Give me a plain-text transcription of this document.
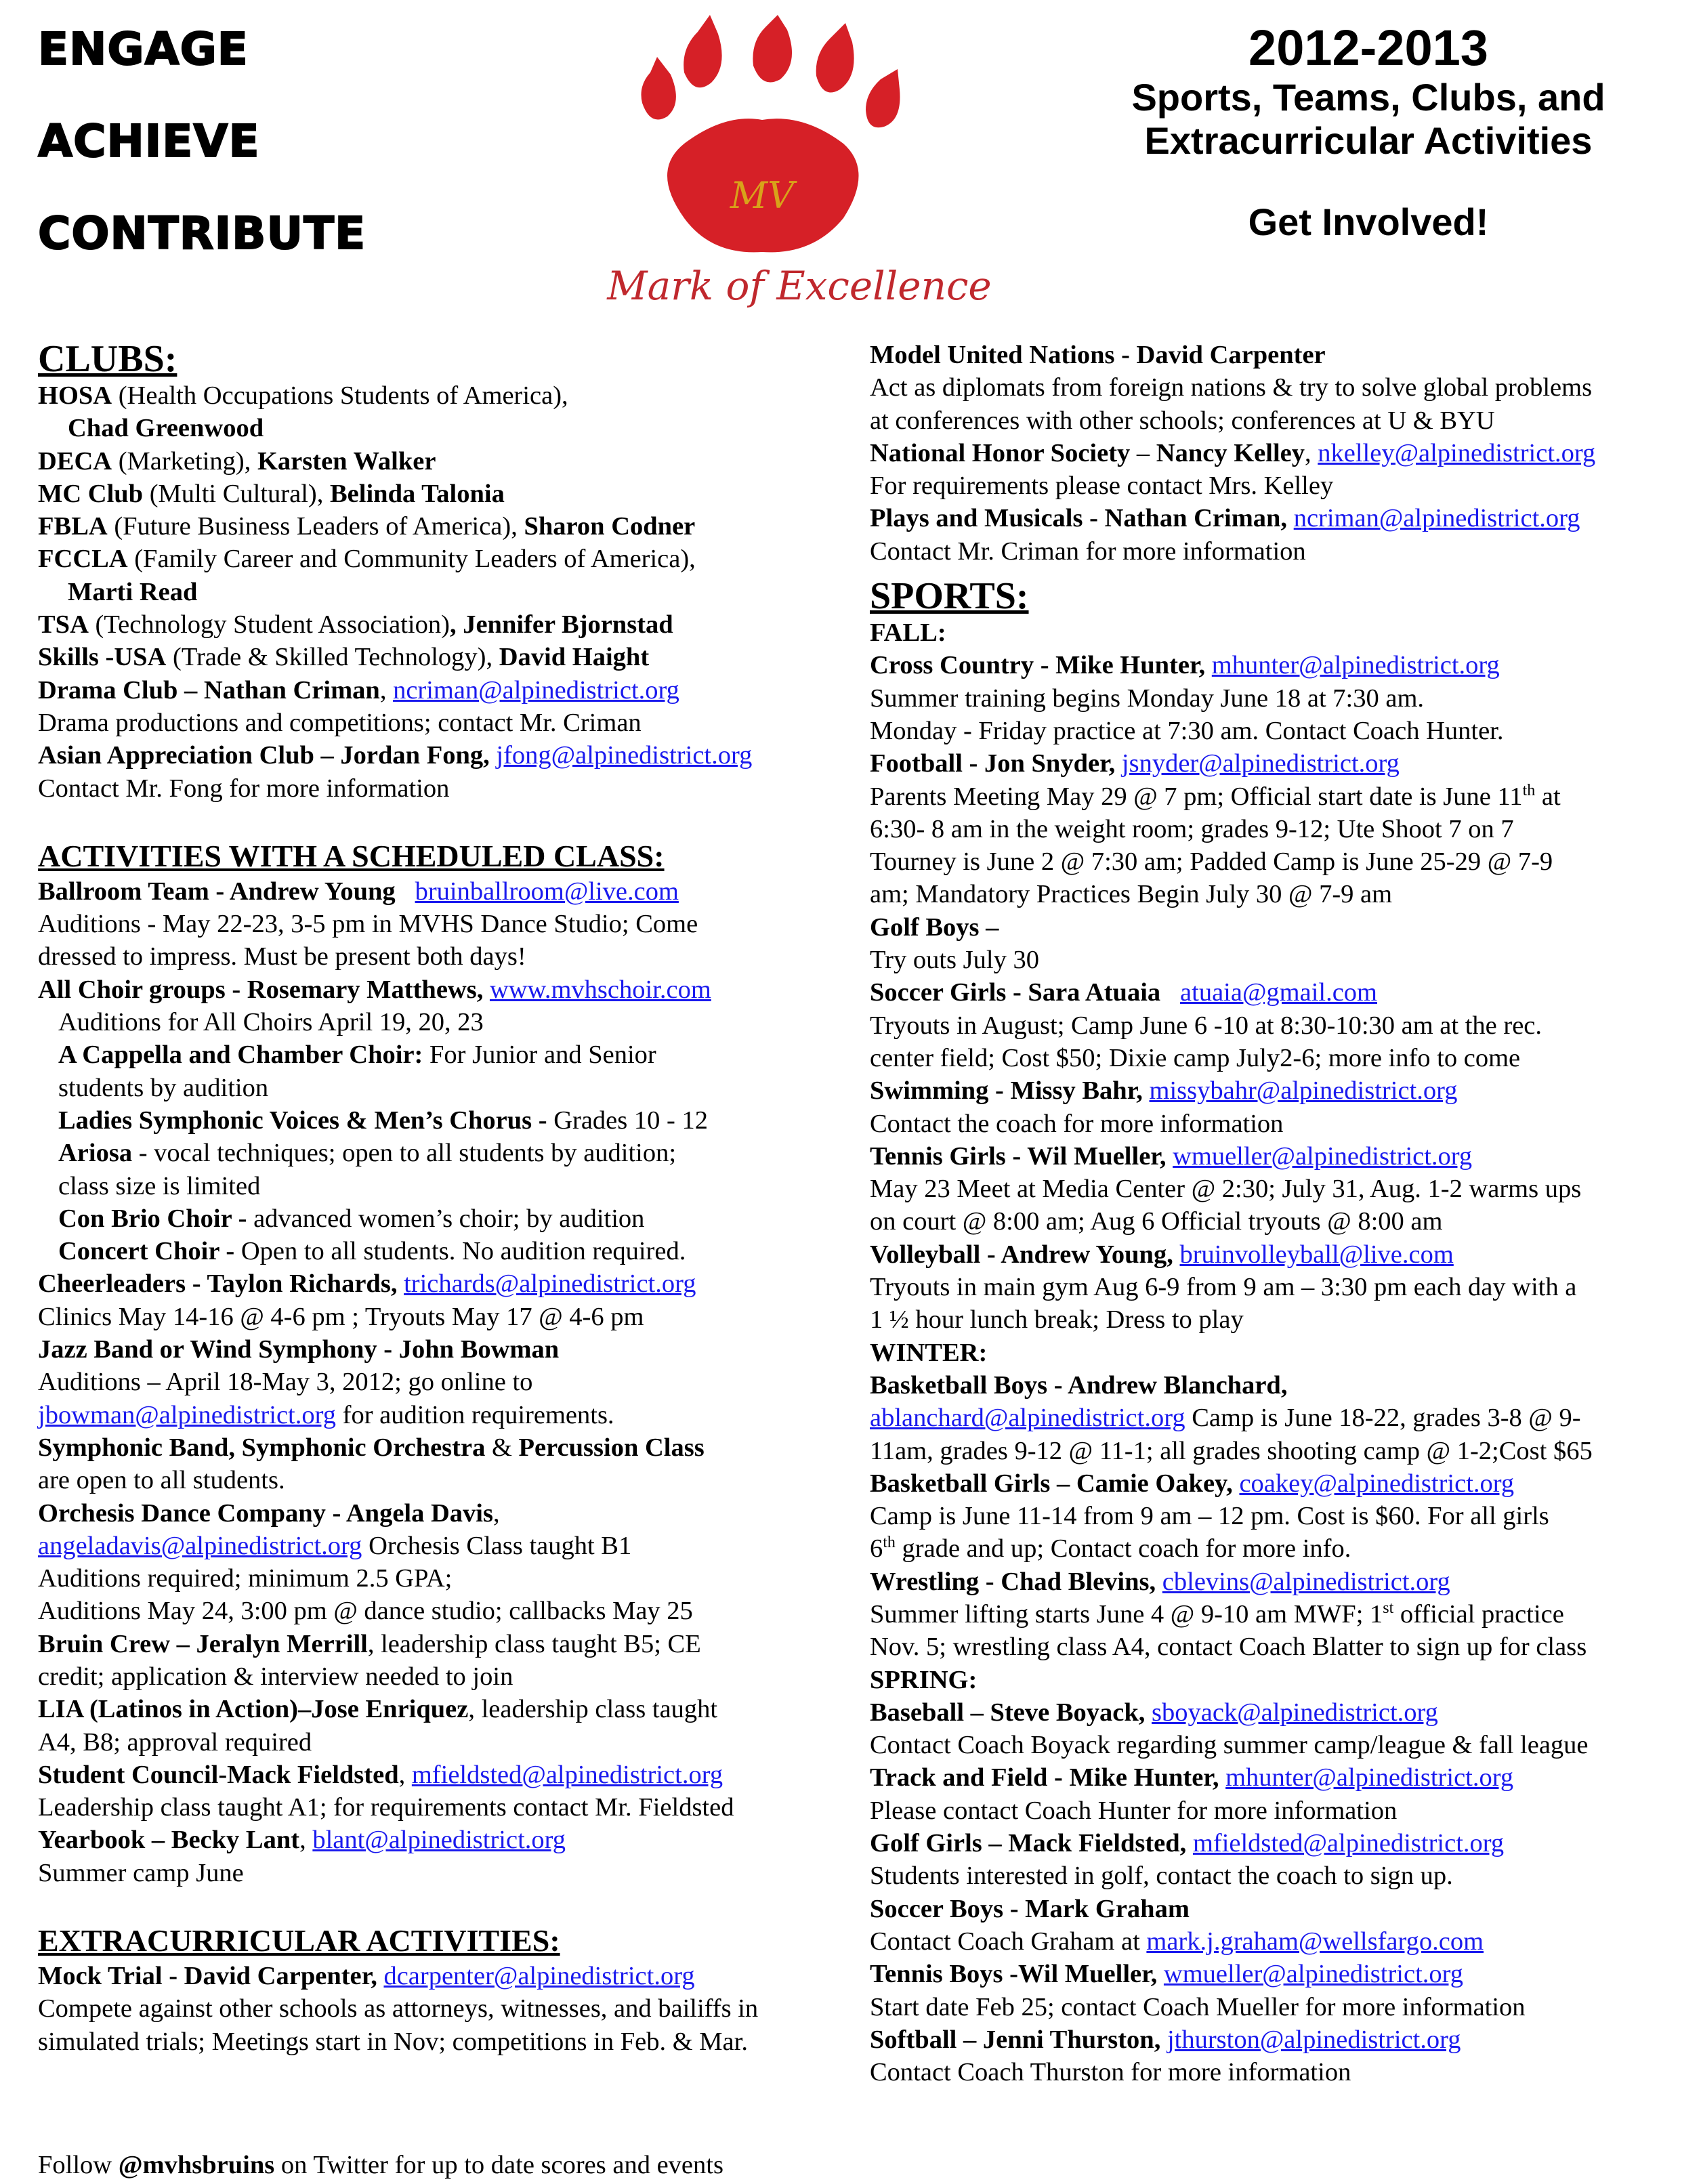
ENGAGE
ACHIEVE
CONTRIBUTE
MV
Mark of Excellence
2012-2013
Sports, Teams, Clubs, and
Extracurricular Activities
Get Involved!
CLUBS:
HOSA (Health Occupations Students of America),
Chad Greenwood
DECA (Marketing), Karsten Walker
MC Club (Multi Cultural), Belinda Talonia
FBLA (Future Business Leaders of America), Sharon Codner
FCCLA (Family Career and Community Leaders of America),
Marti Read
TSA (Technology Student Association), Jennifer Bjornstad
Skills -USA (Trade & Skilled Technology), David Haight
Drama Club – Nathan Criman, ncriman@alpinedistrict.org
Drama productions and competitions; contact Mr. Criman
Asian Appreciation Club – Jordan Fong, jfong@alpinedistrict.org
Contact Mr. Fong for more information
ACTIVITIES WITH A SCHEDULED CLASS:
Ballroom Team - Andrew Young bruinballroom@live.com
Auditions - May 22-23, 3-5 pm in MVHS Dance Studio; Come
dressed to impress. Must be present both days!
All Choir groups - Rosemary Matthews, www.mvhschoir.com
Auditions for All Choirs April 19, 20, 23
A Cappella and Chamber Choir: For Junior and Senior
students by audition
Ladies Symphonic Voices & Men’s Chorus - Grades 10 - 12
Ariosa - vocal techniques; open to all students by audition;
class size is limited
Con Brio Choir - advanced women’s choir; by audition
Concert Choir - Open to all students. No audition required.
Cheerleaders - Taylon Richards, trichards@alpinedistrict.org
Clinics May 14-16 @ 4-6 pm ; Tryouts May 17 @ 4-6 pm
Jazz Band or Wind Symphony - John Bowman
Auditions – April 18-May 3, 2012; go online to
jbowman@alpinedistrict.org for audition requirements.
Symphonic Band, Symphonic Orchestra & Percussion Class
are open to all students.
Orchesis Dance Company - Angela Davis,
angeladavis@alpinedistrict.org Orchesis Class taught B1
Auditions required; minimum 2.5 GPA;
Auditions May 24, 3:00 pm @ dance studio; callbacks May 25
Bruin Crew – Jeralyn Merrill, leadership class taught B5; CE
credit; application & interview needed to join
LIA (Latinos in Action)–Jose Enriquez, leadership class taught
A4, B8; approval required
Student Council-Mack Fieldsted, mfieldsted@alpinedistrict.org
Leadership class taught A1; for requirements contact Mr. Fieldsted
Yearbook – Becky Lant, blant@alpinedistrict.org
Summer camp June
EXTRACURRICULAR ACTIVITIES:
Mock Trial - David Carpenter, dcarpenter@alpinedistrict.org
Compete against other schools as attorneys, witnesses, and bailiffs in
simulated trials; Meetings start in Nov; competitions in Feb. & Mar.
Model United Nations - David Carpenter
Act as diplomats from foreign nations & try to solve global problems
at conferences with other schools; conferences at U & BYU
National Honor Society – Nancy Kelley, nkelley@alpinedistrict.org
For requirements please contact Mrs. Kelley
Plays and Musicals - Nathan Criman, ncriman@alpinedistrict.org
Contact Mr. Criman for more information
SPORTS:
FALL:
Cross Country - Mike Hunter, mhunter@alpinedistrict.org
Summer training begins Monday June 18 at 7:30 am.
Monday - Friday practice at 7:30 am. Contact Coach Hunter.
Football - Jon Snyder, jsnyder@alpinedistrict.org
Parents Meeting May 29 @ 7 pm; Official start date is June 11th at
6:30- 8 am in the weight room; grades 9-12; Ute Shoot 7 on 7
Tourney is June 2 @ 7:30 am; Padded Camp is June 25-29 @ 7-9
am; Mandatory Practices Begin July 30 @ 7-9 am
Golf Boys –
Try outs July 30
Soccer Girls - Sara Atuaia atuaia@gmail.com
Tryouts in August; Camp June 6 -10 at 8:30-10:30 am at the rec.
center field; Cost $50; Dixie camp July2-6; more info to come
Swimming - Missy Bahr, missybahr@alpinedistrict.org
Contact the coach for more information
Tennis Girls - Wil Mueller, wmueller@alpinedistrict.org
May 23 Meet at Media Center @ 2:30; July 31, Aug. 1-2 warms ups
on court @ 8:00 am; Aug 6 Official tryouts @ 8:00 am
Volleyball - Andrew Young, bruinvolleyball@live.com
Tryouts in main gym Aug 6-9 from 9 am – 3:30 pm each day with a
1 ½ hour lunch break; Dress to play
WINTER:
Basketball Boys - Andrew Blanchard,
ablanchard@alpinedistrict.org Camp is June 18-22, grades 3-8 @ 9-
11am, grades 9-12 @ 11-1; all grades shooting camp @ 1-2;Cost $65
Basketball Girls – Camie Oakey, coakey@alpinedistrict.org
Camp is June 11-14 from 9 am – 12 pm. Cost is $60. For all girls
6th grade and up; Contact coach for more info.
Wrestling - Chad Blevins, cblevins@alpinedistrict.org
Summer lifting starts June 4 @ 9-10 am MWF; 1st official practice
Nov. 5; wrestling class A4, contact Coach Blatter to sign up for class
SPRING:
Baseball – Steve Boyack, sboyack@alpinedistrict.org
Contact Coach Boyack regarding summer camp/league & fall league
Track and Field - Mike Hunter, mhunter@alpinedistrict.org
Please contact Coach Hunter for more information
Golf Girls – Mack Fieldsted, mfieldsted@alpinedistrict.org
Students interested in golf, contact the coach to sign up.
Soccer Boys - Mark Graham
Contact Coach Graham at mark.j.graham@wellsfargo.com
Tennis Boys -Wil Mueller, wmueller@alpinedistrict.org
Start date Feb 25; contact Coach Mueller for more information
Softball – Jenni Thurston, jthurston@alpinedistrict.org
Contact Coach Thurston for more information
Follow @mvhsbruins on Twitter for up to date scores and events
